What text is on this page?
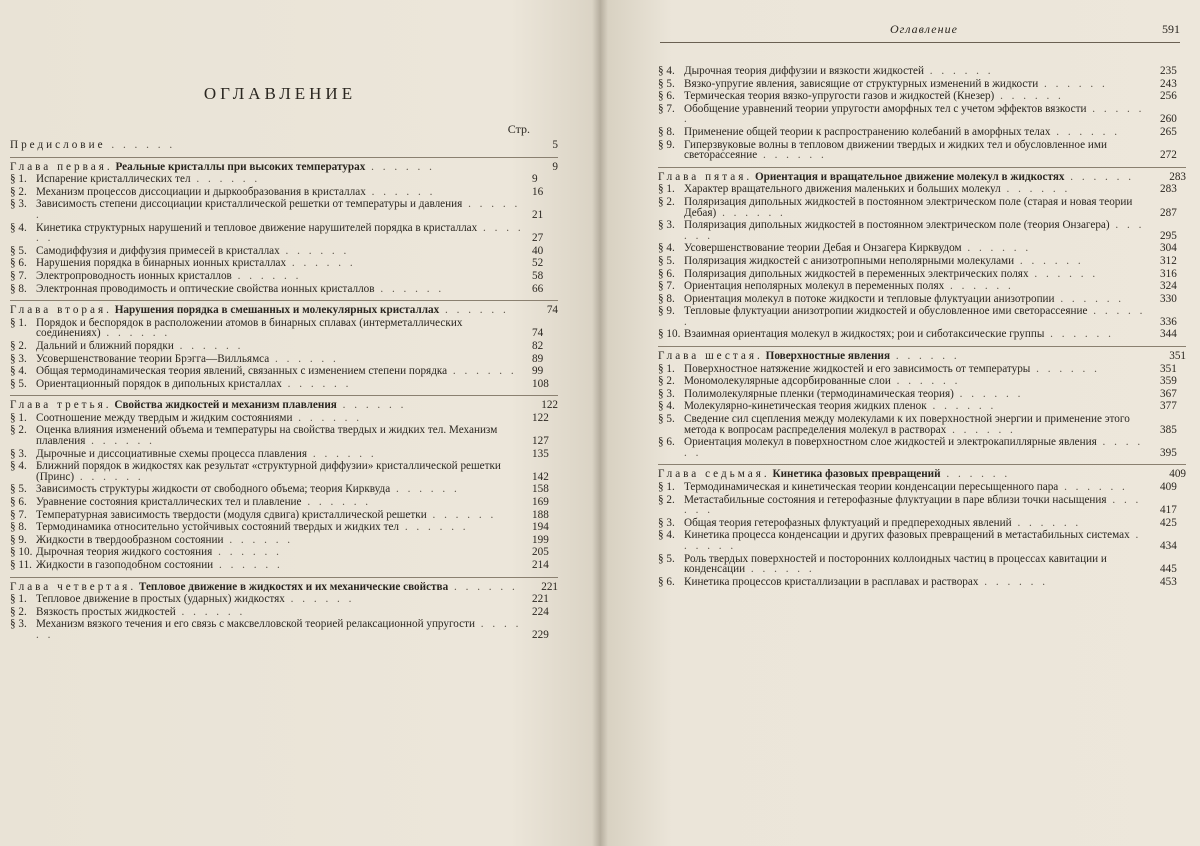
ОГЛАВЛЕНИЕ
Стр.
Предисловие . . . . . .	5
Глава первая. Реальные кристаллы при высоких температурах . . . . . .	9
§ 1. Испарение кристаллических тел . . . . . .	9
§ 2. Механизм процессов диссоциации и дыркообразования в кристаллах . . . . . .	16
§ 3. Зависимость степени диссоциации кристаллической решетки от температуры и давления . . . . . .	21
§ 4. Кинетика структурных нарушений и тепловое движение нарушителей порядка в кристаллах . . . . . .	27
§ 5. Самодиффузия и диффузия примесей в кристаллах . . . . . .	40
§ 6. Нарушения порядка в бинарных ионных кристаллах . . . . . .	52
§ 7. Электропроводность ионных кристаллов . . . . . .	58
§ 8. Электронная проводимость и оптические свойства ионных кристаллов . . . . . .	66
Глава вторая. Нарушения порядка в смешанных и молекулярных кристаллах . . . . . .	74
§ 1. Порядок и беспорядок в расположении атомов в бинарных сплавах (интерметаллических соединениях) . . . . . .	74
§ 2. Дальний и ближний порядки . . . . . .	82
§ 3. Усовершенствование теории Брэгга—Вилльямса . . . . . .	89
§ 4. Общая термодинамическая теория явлений, связанных с изменением степени порядка . . . . . . 99
§ 5. Ориентационный порядок в дипольных кристаллах . . . . . .	108
Глава третья. Свойства жидкостей и механизм плавления . . . . . .	122
§ 1. Соотношение между твердым и жидким состояниями . . . . . .	122
§ 2. Оценка влияния изменений объема и температуры на свойства твердых и жидких тел. Механизм плавления . . . . . .	127
§ 3. Дырочные и диссоциативные схемы процесса плавления . . . . . .	135
§ 4. Ближний порядок в жидкостях как результат «структурной диффузии» кристаллической решетки (Принс) . . . . . .	142
§ 5. Зависимость структуры жидкости от свободного объема; теория Кирквуда . . . . . .	158
§ 6. Уравнение состояния кристаллических тел и плавление . . . . . .	169
§ 7. Температурная зависимость твердости (модуля сдвига) кристаллической решетки . . . . . .	188
§ 8. Термодинамика относительно устойчивых состояний твердых и жидких тел . . . . . .	194
§ 9. Жидкости в твердообразном состоянии . . . . . .	199
§ 10. Дырочная теория жидкого состояния . . . . . .	205
§ 11. Жидкости в газоподобном состоянии . . . . . .	214
Глава четвертая. Тепловое движение в жидкостях и их механические свойства . . . . . . 221
§ 1. Тепловое движение в простых (ударных) жидкостях . . . . . .	221
§ 2. Вязкость простых жидкостей . . . . . .	224
§ 3. Механизм вязкого течения и его связь с максвелловской теорией релаксационной упругости . . . . . .	229
Оглавление	591
§ 4. Дырочная теория диффузии и вязкости жидкостей . . . . . .	235
§ 5. Вязко-упругие явления, зависящие от структурных изменений в жидкости . . . . . .	243
§ 6. Термическая теория вязко-упругости газов и жидкостей (Кнезер) . . . . . .	256
§ 7. Обобщение уравнений теории упругости аморфных тел с учетом эффектов вязкости . . . . . .	260
§ 8. Применение общей теории к распространению колебаний в аморфных телах . . . . . .	265
§ 9. Гиперзвуковые волны в тепловом движении твердых и жидких тел и обусловленное ими светорассеяние . . . . . .	272
Глава пятая. Ориентация и вращательное движение молекул в жидкостях . . . . . .	283
§ 1. Характер вращательного движения маленьких и больших молекул . . . . . .	283
§ 2. Поляризация дипольных жидкостей в постоянном электрическом поле (старая и новая теории Дебая) . . . . . .	287
§ 3. Поляризация дипольных жидкостей в постоянном электрическом поле (теория Онзагера) . . . . . .	295
§ 4. Усовершенствование теории Дебая и Онзагера Кирквудом . . . . . .	304
§ 5. Поляризация жидкостей с анизотропными неполярными молекулами . . . . . .	312
§ 6. Поляризация дипольных жидкостей в переменных электрических полях . . . . . .	316
§ 7. Ориентация неполярных молекул в переменных полях . . . . . .	324
§ 8. Ориентация молекул в потоке жидкости и тепловые флуктуации анизотропии . . . . . .	330
§ 9. Тепловые флуктуации анизотропии жидкостей и обусловленное ими светорассеяние . . . . . .	336
§ 10. Взаимная ориентация молекул в жидкостях; рои и сиботаксические группы . . . . . .	344
Глава шестая. Поверхностные явления . . . . . .	351
§ 1. Поверхностное натяжение жидкостей и его зависимость от температуры . . . . . .	351
§ 2. Мономолекулярные адсорбированные слои . . . . . .	359
§ 3. Полимолекулярные пленки (термодинамическая теория) . . . . . .	367
§ 4. Молекулярно-кинетическая теория жидких пленок . . . . . .	377
§ 5. Сведение сил сцепления между молекулами к их поверхностной энергии и применение этого метода к вопросам распределения молекул в растворах . . . . . .	385
§ 6. Ориентация молекул в поверхностном слое жидкостей и электрокапиллярные явления . . . . . .	395
Глава седьмая. Кинетика фазовых превращений . . . . . .	409
§ 1. Термодинамическая и кинетическая теории конденсации пересыщенного пара . . . . . .	409
§ 2. Метастабильные состояния и гетерофазные флуктуации в паре вблизи точки насыщения . . . . . .	417
§ 3. Общая теория гетерофазных флуктуаций и предпереходных явлений . . . . . .	425
§ 4. Кинетика процесса конденсации и других фазовых превращений в метастабильных системах . . . . . .	434
§ 5. Роль твердых поверхностей и посторонних коллоидных частиц в процессах кавитации и конденсации . . . . . .	445
§ 6. Кинетика процессов кристаллизации в расплавах и растворах . . . . . .	453
